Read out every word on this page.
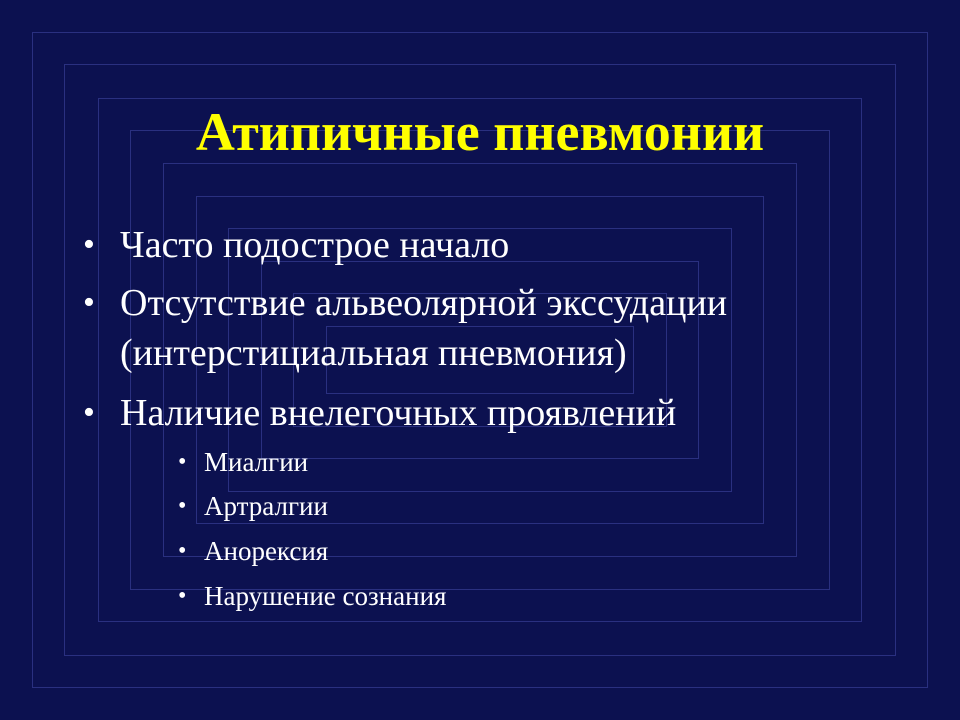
Атипичные пневмонии
• Часто подострое начало
• Отсутствие альвеолярной экссудации (интерстициальная пневмония)
• Наличие внелегочных проявлений
• Миалгии
• Артралгии
• Анорексия
• Нарушение сознания
